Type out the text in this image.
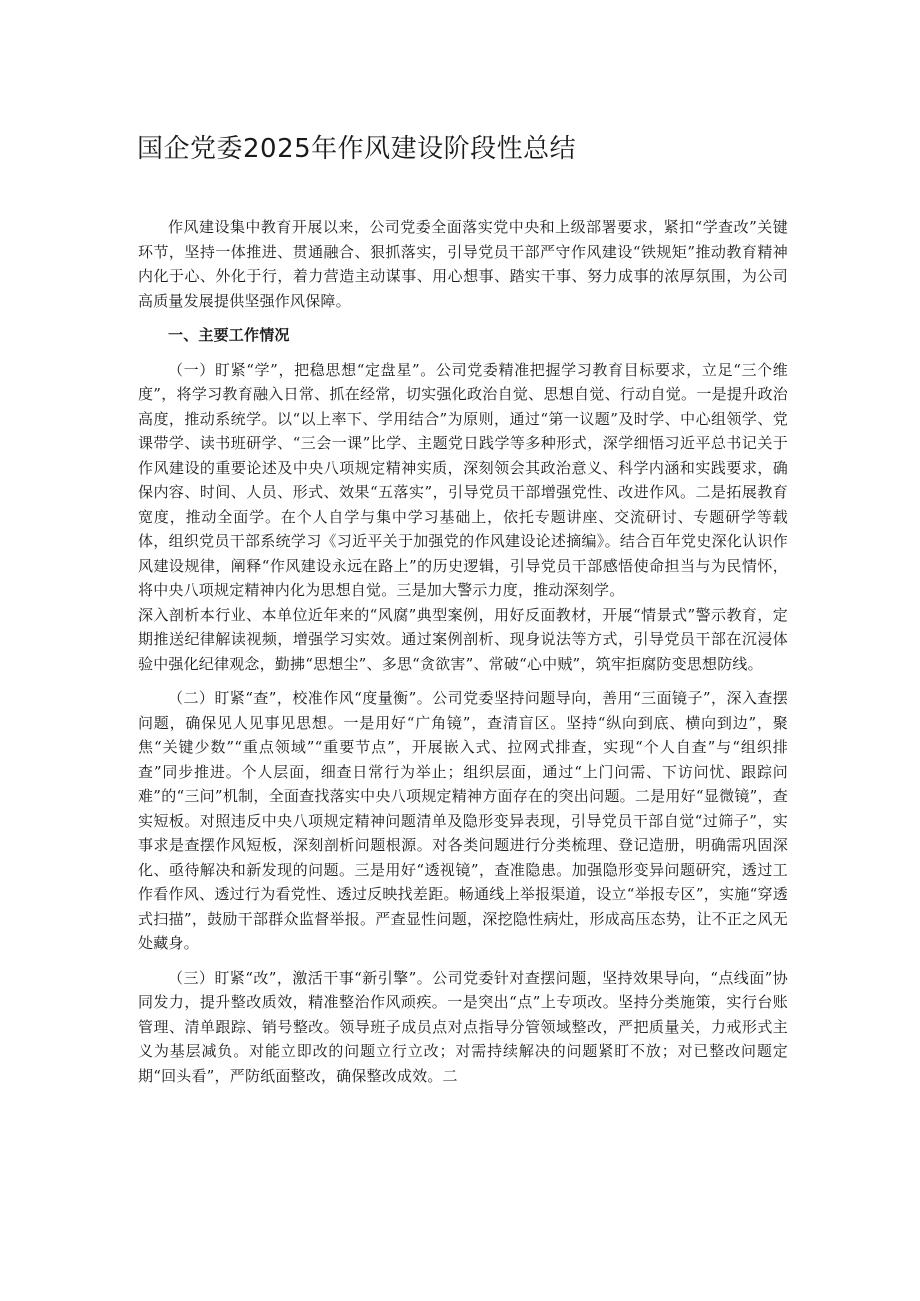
国企党委2025年作风建设阶段性总结

作风建设集中教育开展以来，公司党委全面落实党中央和上级部署要求，紧扣“学查改”关键环节，坚持一体推进、贯通融合、狠抓落实，引导党员干部严守作风建设“铁规矩”推动教育精神内化于心、外化于行，着力营造主动谋事、用心想事、踏实干事、努力成事的浓厚氛围，为公司高质量发展提供坚强作风保障。

一、主要工作情况

（一）盯紧“学”，把稳思想“定盘星”。公司党委精准把握学习教育目标要求，立足“三个维度”，将学习教育融入日常、抓在经常，切实强化政治自觉、思想自觉、行动自觉。一是提升政治高度，推动系统学。以“以上率下、学用结合”为原则，通过“第一议题”及时学、中心组领学、党课带学、读书班研学、“三会一课”比学、主题党日践学等多种形式，深学细悟习近平总书记关于作风建设的重要论述及中央八项规定精神实质，深刻领会其政治意义、科学内涵和实践要求，确保内容、时间、人员、形式、效果“五落实”，引导党员干部增强党性、改进作风。二是拓展教育宽度，推动全面学。在个人自学与集中学习基础上，依托专题讲座、交流研讨、专题研学等载体，组织党员干部系统学习《习近平关于加强党的作风建设论述摘编》。结合百年党史深化认识作风建设规律，阐释“作风建设永远在路上”的历史逻辑，引导党员干部感悟使命担当与为民情怀，将中央八项规定精神内化为思想自觉。三是加大警示力度，推动深刻学。

深入剖析本行业、本单位近年来的“风腐”典型案例，用好反面教材，开展“情景式”警示教育，定期推送纪律解读视频，增强学习实效。通过案例剖析、现身说法等方式，引导党员干部在沉浸体验中强化纪律观念，勤拂“思想尘”、多思“贪欲害”、常破“心中贼”，筑牢拒腐防变思想防线。

（二）盯紧“查”，校准作风“度量衡”。公司党委坚持问题导向，善用“三面镜子”，深入查摆问题，确保见人见事见思想。一是用好“广角镜”，查清盲区。坚持“纵向到底、横向到边”，聚焦“关键少数”“重点领域”“重要节点”，开展嵌入式、拉网式排查，实现“个人自查”与“组织排查”同步推进。个人层面，细查日常行为举止；组织层面，通过“上门问需、下访问忧、跟踪问难”的“三问”机制，全面查找落实中央八项规定精神方面存在的突出问题。二是用好“显微镜”，查实短板。对照违反中央八项规定精神问题清单及隐形变异表现，引导党员干部自觉“过筛子”，实事求是查摆作风短板，深刻剖析问题根源。对各类问题进行分类梳理、登记造册，明确需巩固深化、亟待解决和新发现的问题。三是用好“透视镜”，查准隐患。加强隐形变异问题研究，透过工作看作风、透过行为看党性、透过反映找差距。畅通线上举报渠道，设立“举报专区”，实施“穿透式扫描”，鼓励干部群众监督举报。严查显性问题，深挖隐性病灶，形成高压态势，让不正之风无处藏身。

（三）盯紧“改”，激活干事“新引擎”。公司党委针对查摆问题，坚持效果导向，“点线面”协同发力，提升整改质效，精准整治作风顽疾。一是突出“点”上专项改。坚持分类施策，实行台账管理、清单跟踪、销号整改。领导班子成员点对点指导分管领域整改，严把质量关，力戒形式主义为基层减负。对能立即改的问题立行立改；对需持续解决的问题紧盯不放；对已整改问题定期“回头看”，严防纸面整改，确保整改成效。二
